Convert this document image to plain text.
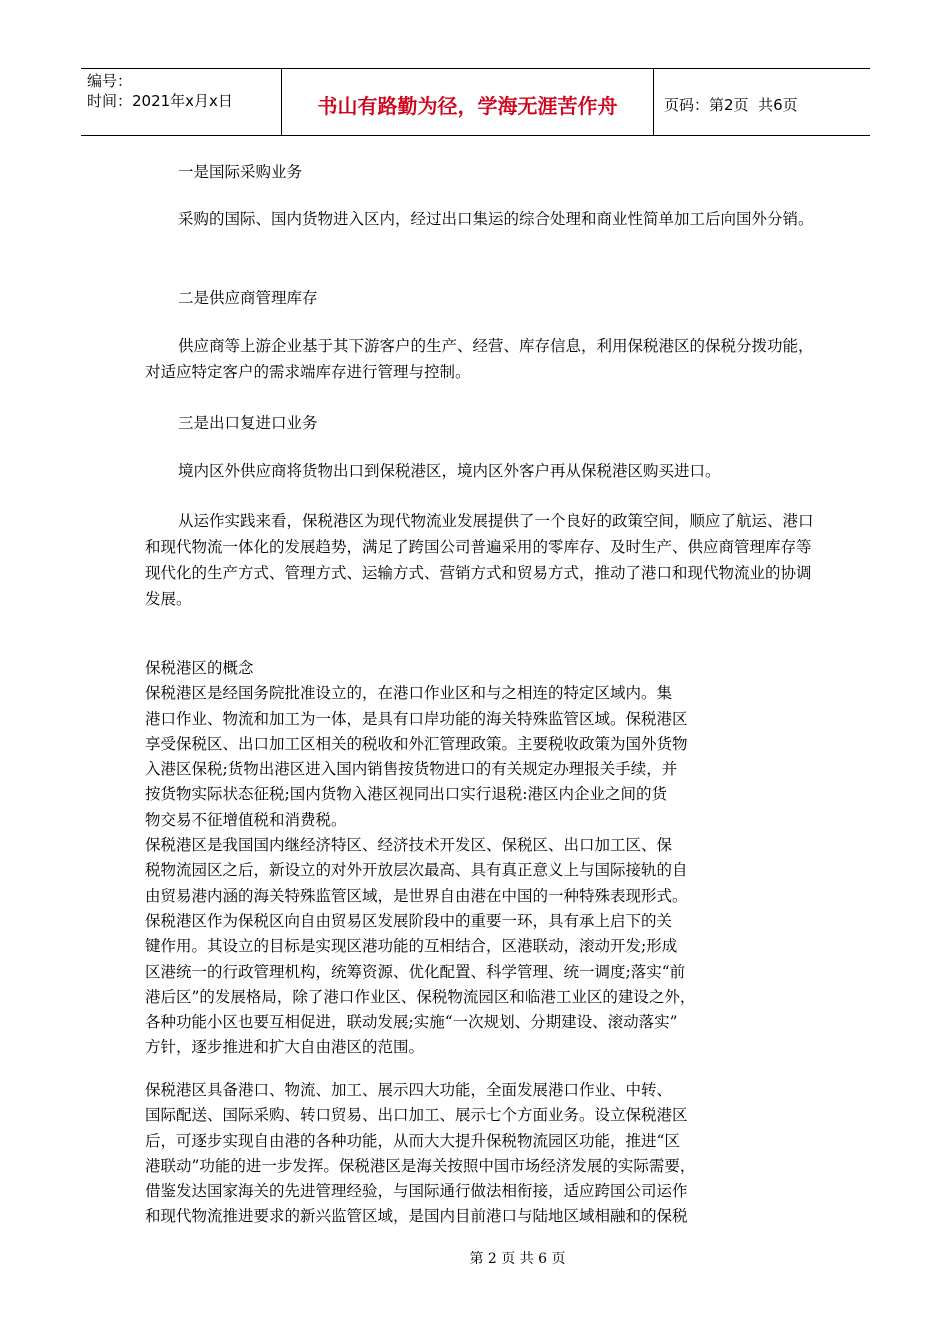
编号：
时间：2021年x月x日	书山有路勤为径，学海无涯苦作舟	页码：第2页  共6页

一是国际采购业务

采购的国际、国内货物进入区内，经过出口集运的综合处理和商业性简单加工后向国外分销。

二是供应商管理库存

供应商等上游企业基于其下游客户的生产、经营、库存信息，利用保税港区的保税分拨功能，对适应特定客户的需求端库存进行管理与控制。

三是出口复进口业务

境内区外供应商将货物出口到保税港区，境内区外客户再从保税港区购买进口。

从运作实践来看，保税港区为现代物流业发展提供了一个良好的政策空间，顺应了航运、港口和现代物流一体化的发展趋势，满足了跨国公司普遍采用的零库存、及时生产、供应商管理库存等现代化的生产方式、管理方式、运输方式、营销方式和贸易方式，推动了港口和现代物流业的协调发展。

保税港区的概念
保税港区是经国务院批准设立的，在港口作业区和与之相连的特定区域内。集
港口作业、物流和加工为一体，是具有口岸功能的海关特殊监管区域。保税港区
享受保税区、出口加工区相关的税收和外汇管理政策。主要税收政策为国外货物
入港区保税;货物出港区进入国内销售按货物进口的有关规定办理报关手续，并
按货物实际状态征税;国内货物入港区视同出口实行退税:港区内企业之间的货
物交易不征增值税和消费税。
保税港区是我国国内继经济特区、经济技术开发区、保税区、出口加工区、保
税物流园区之后，新设立的对外开放层次最高、具有真正意义上与国际接轨的自
由贸易港内涵的海关特殊监管区域，是世界自由港在中国的一种特殊表现形式。
保税港区作为保税区向自由贸易区发展阶段中的重要一环，具有承上启下的关
键作用。其设立的目标是实现区港功能的互相结合，区港联动，滚动开发;形成
区港统一的行政管理机构，统筹资源、优化配置、科学管理、统一调度;落实“前
港后区”的发展格局，除了港口作业区、保税物流园区和临港工业区的建设之外，
各种功能小区也要互相促进，联动发展;实施“一次规划、分期建设、滚动落实”
方针，逐步推进和扩大自由港区的范围。
保税港区具备港口、物流、加工、展示四大功能，全面发展港口作业、中转、
国际配送、国际采购、转口贸易、出口加工、展示七个方面业务。设立保税港区
后，可逐步实现自由港的各种功能，从而大大提升保税物流园区功能，推进“区
港联动”功能的进一步发挥。保税港区是海关按照中国市场经济发展的实际需要，
借鉴发达国家海关的先进管理经验，与国际通行做法相衔接，适应跨国公司运作
和现代物流推进要求的新兴监管区域，是国内目前港口与陆地区域相融和的保税
第 2 页 共 6 页
